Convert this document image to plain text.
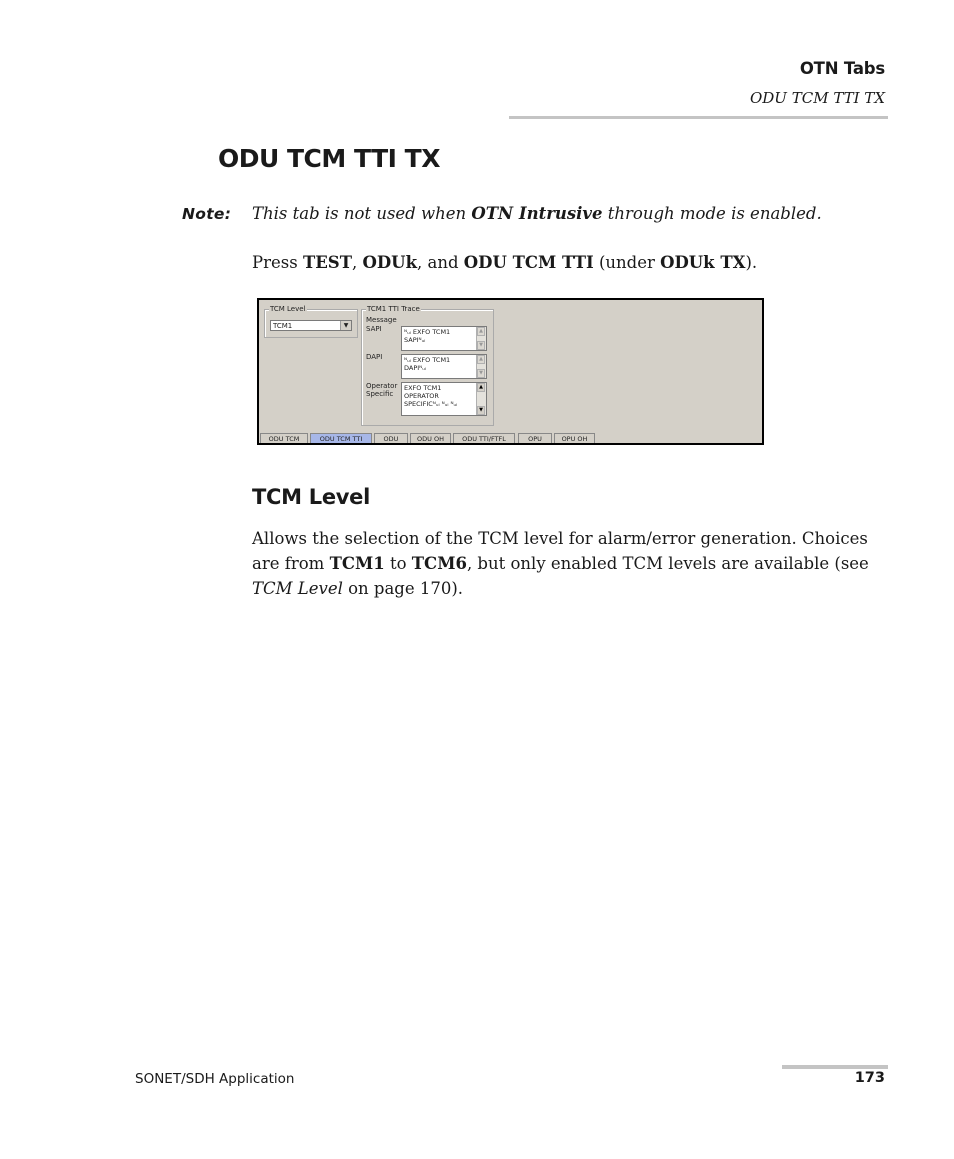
OTN Tabs
ODU TCM TTI TX
ODU TCM TTI TX
Note: This tab is not used when OTN Intrusive through mode is enabled.
Press TEST, ODUk, and ODU TCM TTI (under ODUk TX).
TCM Level
TCM1	▼
TCM1 TTI Trace
Message
SAPI	ᴺᵤₗ EXFO TCM1
SAPIᴺᵤₗ
▲
▼
DAPI	ᴺᵤₗ EXFO TCM1
DAPIᴺᵤₗ
▲
▼
Operator
Specific
EXFO TCM1
OPERATOR
SPECIFICᴺᵤₗ ᴺᵤₗ ᴺᵤₗ
▲
▼
ODU TCM	ODU TCM TTI	ODU	ODU OH	ODU TTI/FTFL	OPU	OPU OH
TCM Level
Allows the selection of the TCM level for alarm/error generation. Choices
are from TCM1 to TCM6, but only enabled TCM levels are available (see
TCM Level on page 170).
SONET/SDH Application	173
